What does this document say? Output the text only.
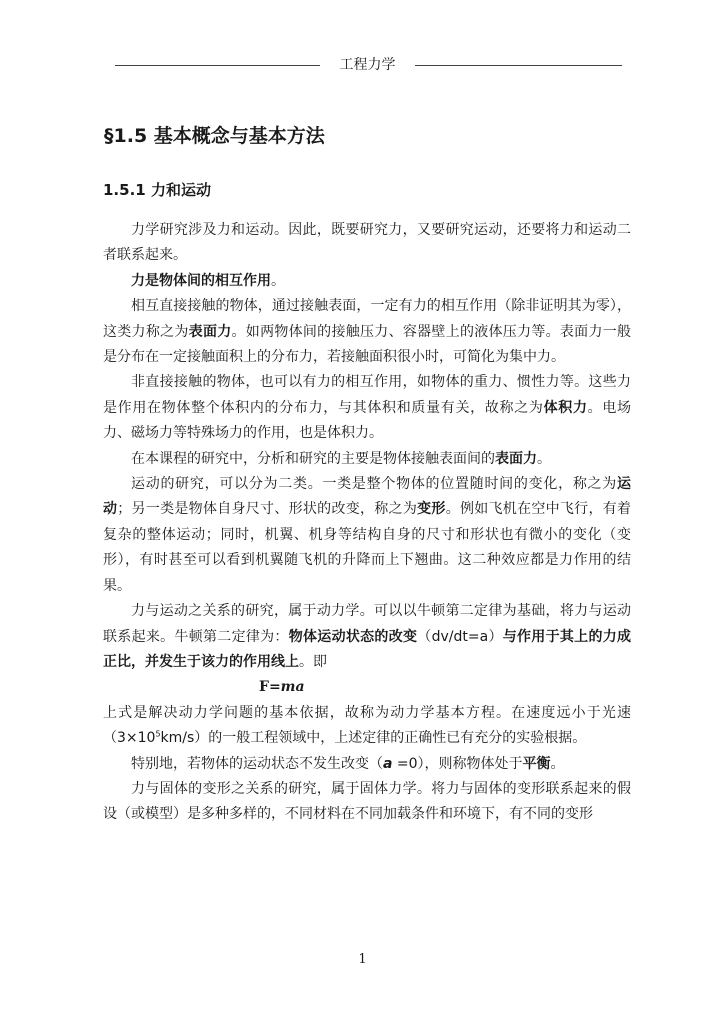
工程力学
§1.5 基本概念与基本方法
1.5.1 力和运动

力学研究涉及力和运动。因此，既要研究力，又要研究运动，还要将力和运动二者联系起来。

力是物体间的相互作用。

相互直接接触的物体，通过接触表面，一定有力的相互作用（除非证明其为零），这类力称之为表面力。如两物体间的接触压力、容器壁上的液体压力等。表面力一般是分布在一定接触面积上的分布力，若接触面积很小时，可简化为集中力。

非直接接触的物体，也可以有力的相互作用，如物体的重力、惯性力等。这些力是作用在物体整个体积内的分布力，与其体积和质量有关，故称之为体积力。电场力、磁场力等特殊场力的作用，也是体积力。

在本课程的研究中，分析和研究的主要是物体接触表面间的表面力。

运动的研究，可以分为二类。一类是整个物体的位置随时间的变化，称之为运动；另一类是物体自身尺寸、形状的改变，称之为变形。例如飞机在空中飞行，有着复杂的整体运动；同时，机翼、机身等结构自身的尺寸和形状也有微小的变化（变形），有时甚至可以看到机翼随飞机的升降而上下翘曲。这二种效应都是力作用的结果。

力与运动之关系的研究，属于动力学。可以以牛顿第二定律为基础，将力与运动联系起来。牛顿第二定律为：物体运动状态的改变（dv/dt=a）与作用于其上的力成正比，并发生于该力的作用线上。即

F=ma

上式是解决动力学问题的基本依据，故称为动力学基本方程。在速度远小于光速$(3\times 10^5km/s)$的一般工程领域中，上述定律的正确性已有充分的实验根据。

特别地，若物体的运动状态不发生改变（a =0），则称物体处于平衡。

力与固体的变形之关系的研究，属于固体力学。将力与固体的变形联系起来的假设（或模型）是多种多样的，不同材料在不同加载条件和环境下，有不同的变形

1
